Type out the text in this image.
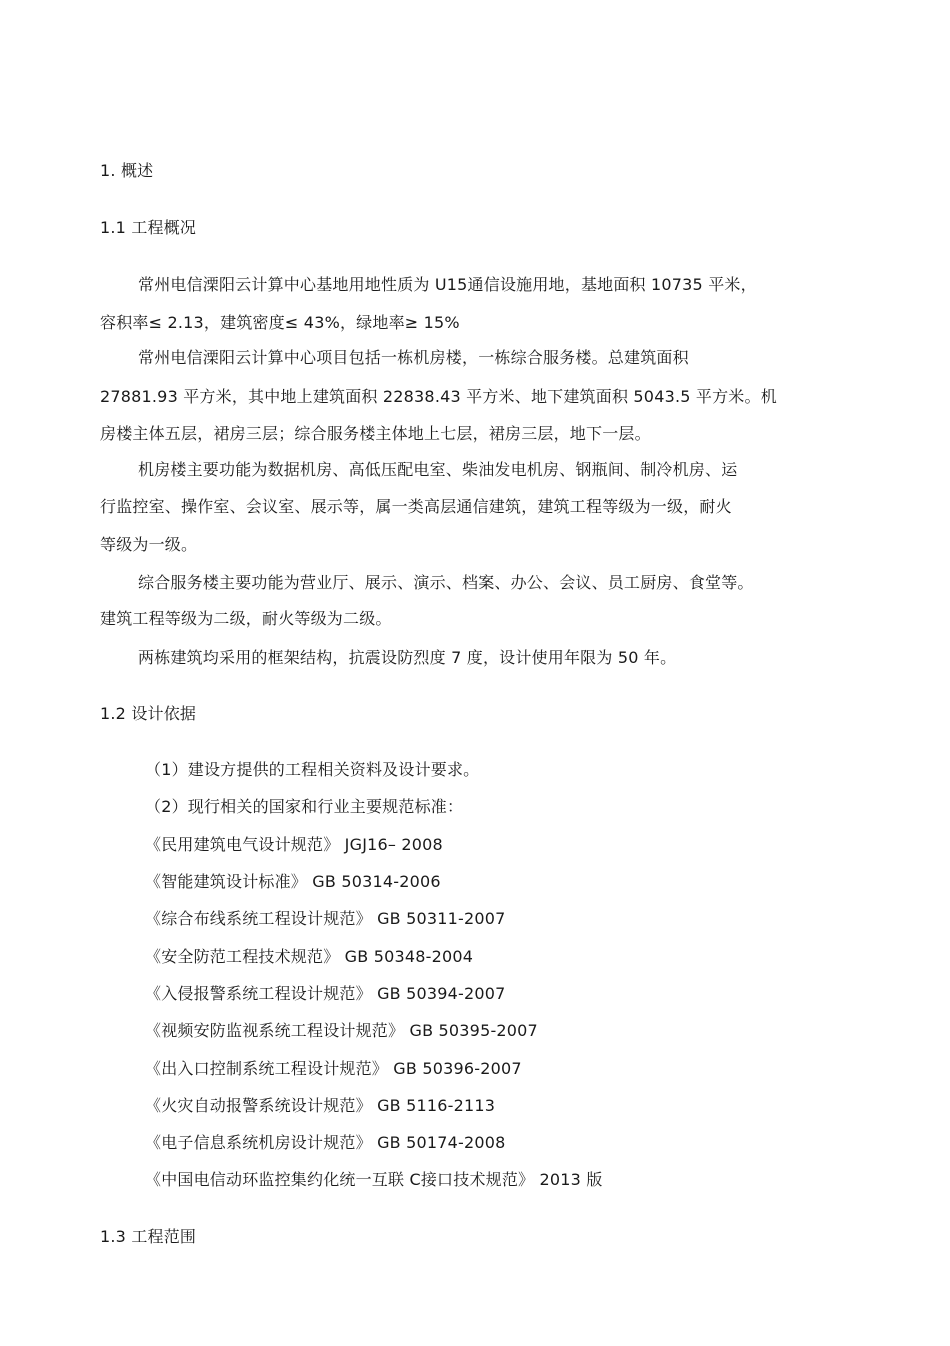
1. 概述
1.1 工程概况
常州电信溧阳云计算中心基地用地性质为 U15通信设施用地，基地面积 10735 平米，
容积率≤ 2.13，建筑密度≤ 43%，绿地率≥ 15%
常州电信溧阳云计算中心项目包括一栋机房楼，一栋综合服务楼。总建筑面积
27881.93 平方米，其中地上建筑面积 22838.43 平方米、地下建筑面积 5043.5 平方米。机
房楼主体五层，裙房三层；综合服务楼主体地上七层，裙房三层，地下一层。
机房楼主要功能为数据机房、高低压配电室、柴油发电机房、钢瓶间、制冷机房、运
行监控室、操作室、会议室、展示等，属一类高层通信建筑，建筑工程等级为一级，耐火
等级为一级。
综合服务楼主要功能为营业厅、展示、演示、档案、办公、会议、员工厨房、食堂等。
建筑工程等级为二级，耐火等级为二级。
两栋建筑均采用的框架结构，抗震设防烈度 7 度，设计使用年限为 50 年。
1.2 设计依据
（1）建设方提供的工程相关资料及设计要求。
（2）现行相关的国家和行业主要规范标准：
《民用建筑电气设计规范》 JGJ16– 2008
《智能建筑设计标准》 GB 50314-2006
《综合布线系统工程设计规范》 GB 50311-2007
《安全防范工程技术规范》 GB 50348-2004
《入侵报警系统工程设计规范》 GB 50394-2007
《视频安防监视系统工程设计规范》 GB 50395-2007
《出入口控制系统工程设计规范》 GB 50396-2007
《火灾自动报警系统设计规范》 GB 5116-2113
《电子信息系统机房设计规范》 GB 50174-2008
《中国电信动环监控集约化统一互联 C接口技术规范》 2013 版
1.3 工程范围
